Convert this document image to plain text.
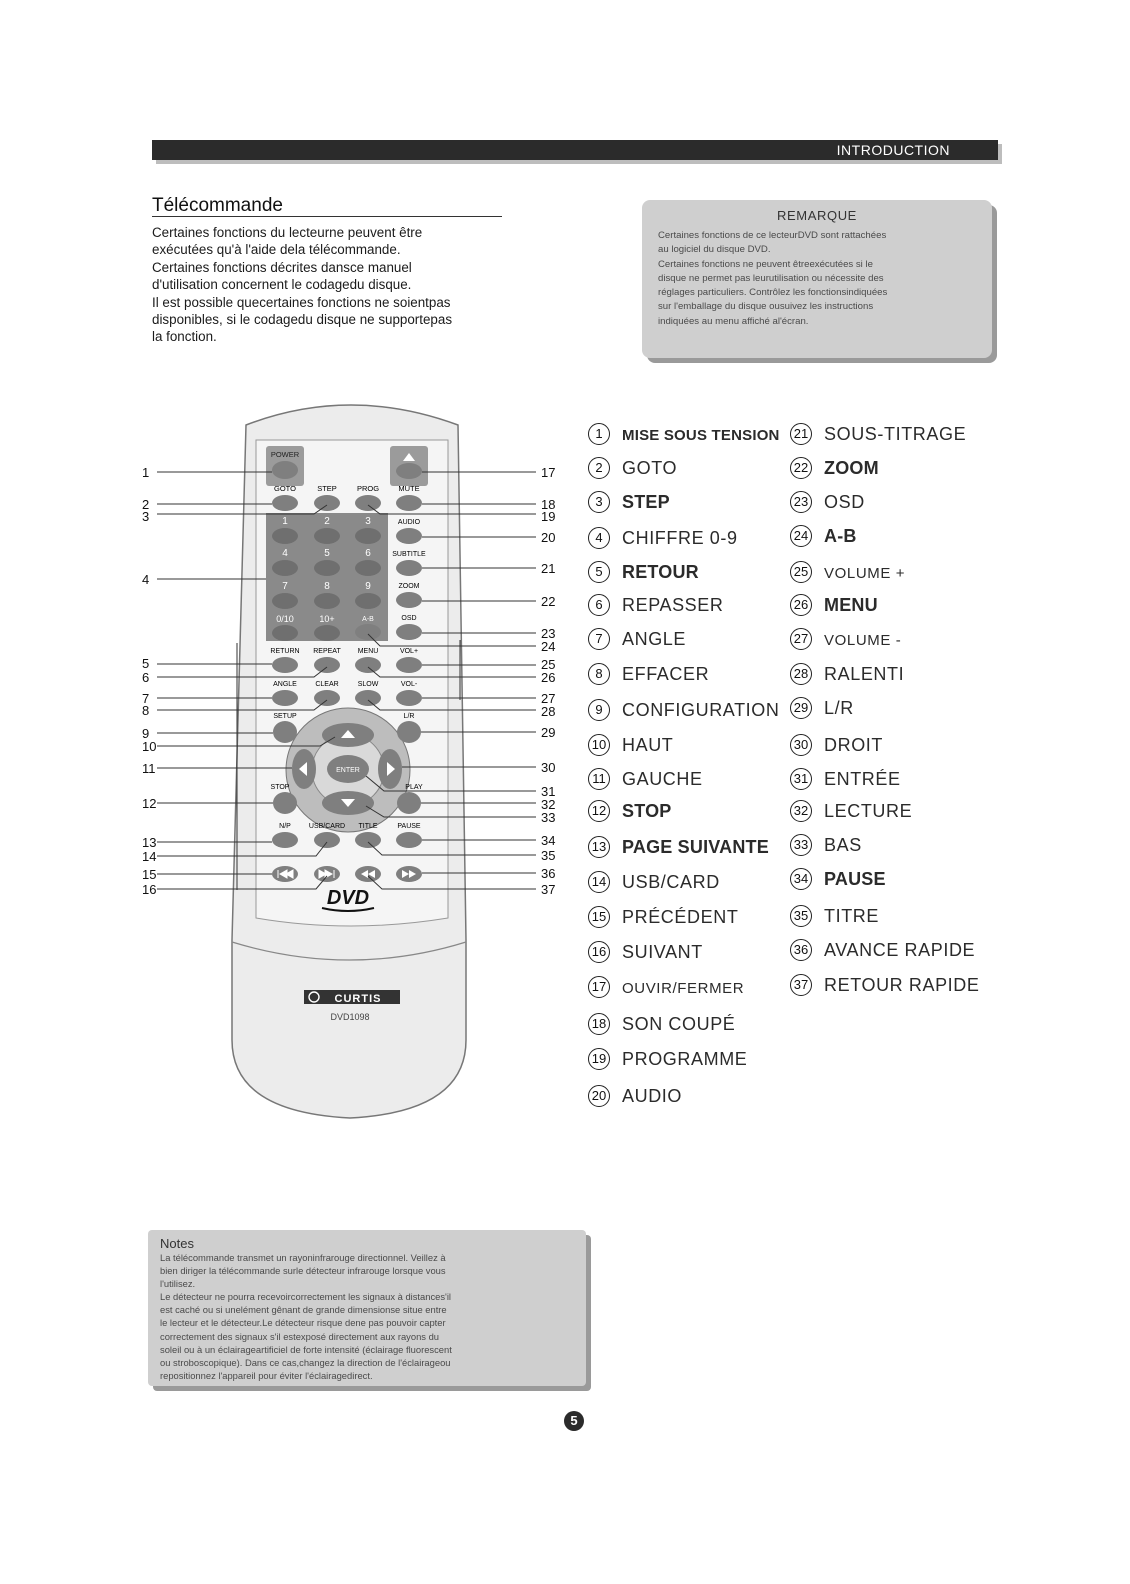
INTRODUCTION
Télécommande
Certaines fonctions du lecteurne peuvent être
exécutées qu'à l'aide dela télécommande.
Certaines fonctions décrites dansce manuel
d'utilisation concernent le codagedu disque.
Il est possible quecertaines fonctions ne soientpas
disponibles, si le codagedu disque ne supportepas
la fonction.
REMARQUE
Certaines fonctions de ce lecteurDVD sont rattachées
au logiciel du disque DVD.
Certaines fonctions ne peuvent êtreexécutées si le
disque ne permet pas leurutilisation ou nécessite des
réglages particuliers. Contrôlez les fonctionsindiquées
sur l'emballage du disque ousuivez les instructions
indiquées au menu affiché al'écran.
ENTER
POWER
GOTO	STEP	PROG	MUTE
1	2	3
4	5	6
7	8	9
0/10	10+	A-B
AUDIO
SUBTITLE
ZOOM
OSD
RETURN REPEAT MENU	VOL+
ANGLE	CLEAR	SLOW	VOL-
SETUP	L/R
STOP	PLAY
N/P	USB/CARD TITLE	PAUSE
DVD
CURTIS
DVD1098
1
2
3
4
5
6
7
8
9
10
11
12
13
14
15
16
17
18
19
20
21
22
23
24
25
26
27
28
29
30
31
32
33
34
35
36
37
1	MISE SOUS TENSION
2	GOTO
3	STEP
4	CHIFFRE 0-9
5	RETOUR
6	REPASSER
7	ANGLE
8	EFFACER
9	CONFIGURATION
10 HAUT
11 GAUCHE
12 STOP
13 PAGE SUIVANTE
14 USB/CARD
15 PRÉCÉDENT
16 SUIVANT
17 OUVIR/FERMER
18 SON COUPÉ
19 PROGRAMME
20 AUDIO
21 SOUS-TITRAGE
22 ZOOM
23 OSD
24 A-B
25 VOLUME +
26 MENU
27 VOLUME -
28 RALENTI
29 L/R
30 DROIT
31 ENTRÉE
32 LECTURE
33 BAS
34 PAUSE
35 TITRE
36 AVANCE RAPIDE
37 RETOUR RAPIDE
Notes
La télécommande transmet un rayoninfrarouge directionnel. Veillez à
bien diriger la télécommande surle détecteur infrarouge lorsque vous
l'utilisez.
Le détecteur ne pourra recevoircorrectement les signaux à distances'il
est caché ou si unelément gênant de grande dimensionse situe entre
le lecteur et le détecteur.Le détecteur risque dene pas pouvoir capter
correctement des signaux s'il estexposé directement aux rayons du
soleil ou à un éclairageartificiel de forte intensité (éclairage fluorescent
ou stroboscopique). Dans ce cas,changez la direction de l'éclairageou
repositionnez l'appareil pour éviter l'éclairagedirect.
5
